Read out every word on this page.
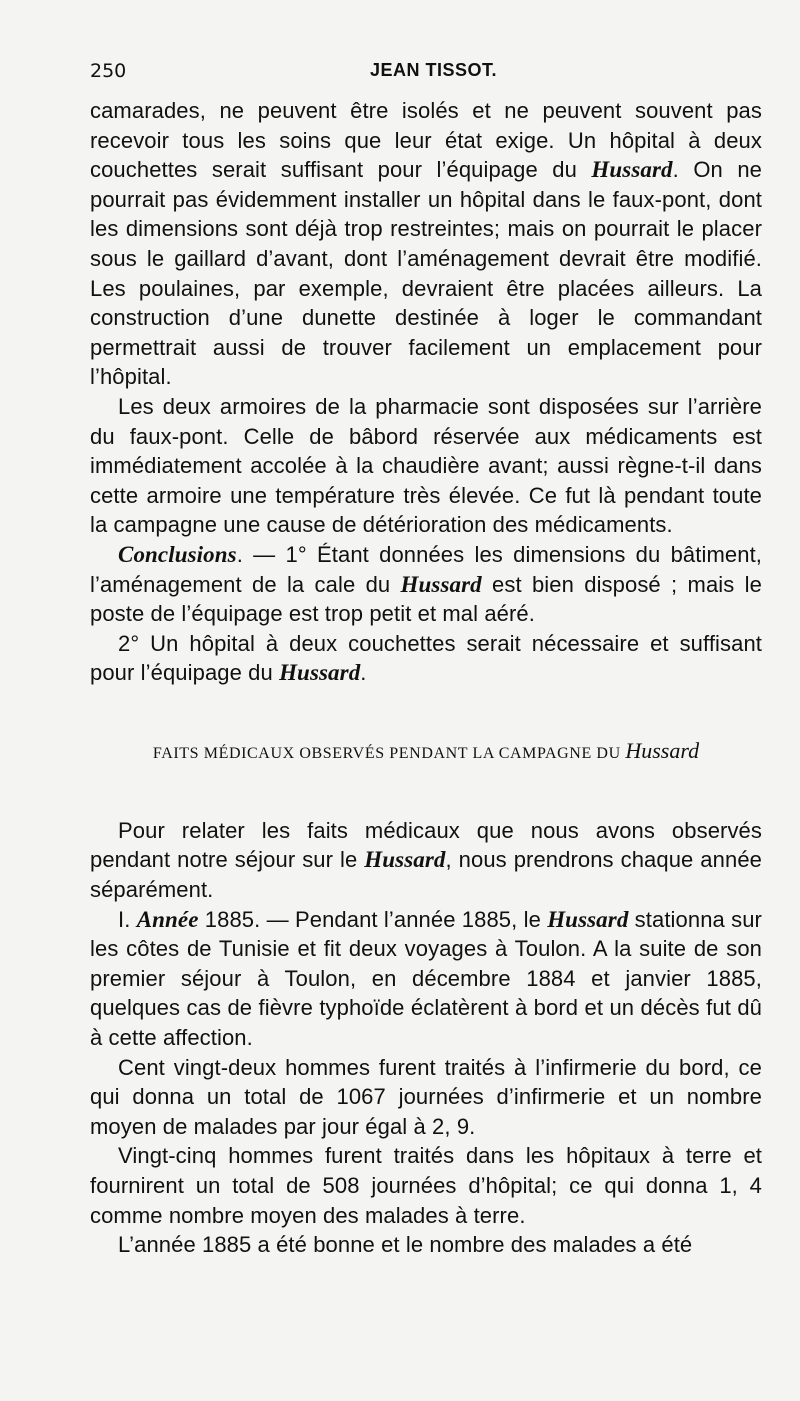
250	JEAN TISSOT.

camarades, ne peuvent être isolés et ne peuvent souvent pas recevoir tous les soins que leur état exige. Un hôpital à deux couchettes serait suffisant pour l’équipage du Hussard. On ne pourrait pas évidemment installer un hôpital dans le faux-pont, dont les dimensions sont déjà trop restreintes; mais on pourrait le placer sous le gaillard d’avant, dont l’aménagement devrait être modifié. Les poulaines, par exemple, devraient être placées ailleurs. La construction d’une dunette destinée à loger le commandant permettrait aussi de trouver facilement un emplacement pour l’hôpital.

Les deux armoires de la pharmacie sont disposées sur l’arrière du faux-pont. Celle de bâbord réservée aux médicaments est immédiatement accolée à la chaudière avant; aussi règne-t-il dans cette armoire une température très élevée. Ce fut là pendant toute la campagne une cause de détérioration des médicaments.

Conclusions. — 1° Étant données les dimensions du bâtiment, l’aménagement de la cale du Hussard est bien disposé ; mais le poste de l’équipage est trop petit et mal aéré.

2° Un hôpital à deux couchettes serait nécessaire et suffisant pour l’équipage du Hussard.

FAITS MÉDICAUX OBSERVÉS PENDANT LA CAMPAGNE DU Hussard

Pour relater les faits médicaux que nous avons observés pendant notre séjour sur le Hussard, nous prendrons chaque année séparément.

I. Année 1885. — Pendant l’année 1885, le Hussard stationna sur les côtes de Tunisie et fit deux voyages à Toulon. A la suite de son premier séjour à Toulon, en décembre 1884 et janvier 1885, quelques cas de fièvre typhoïde éclatèrent à bord et un décès fut dû à cette affection.

Cent vingt-deux hommes furent traités à l’infirmerie du bord, ce qui donna un total de 1067 journées d’infirmerie et un nombre moyen de malades par jour égal à 2, 9.

Vingt-cinq hommes furent traités dans les hôpitaux à terre et fournirent un total de 508 journées d’hôpital; ce qui donna 1, 4 comme nombre moyen des malades à terre.

L’année 1885 a été bonne et le nombre des malades a été
